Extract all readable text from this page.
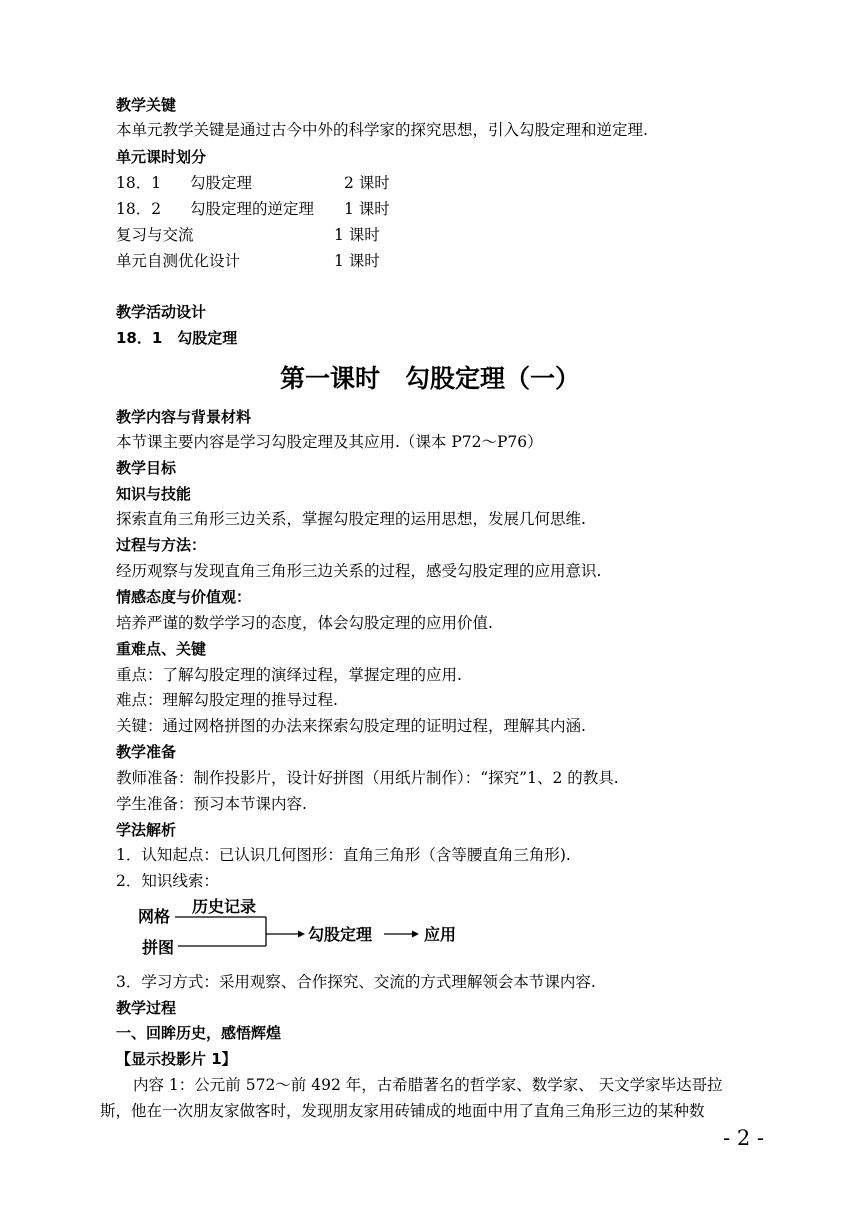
教学关键
本单元教学关键是通过古今中外的科学家的探究思想，引入勾股定理和逆定理.
单元课时划分
18．1 勾股定理	2 课时
18．2 勾股定理的逆定理 1 课时
复习与交流	1 课时
单元自测优化设计	1 课时
教学活动设计
18．1　勾股定理
第一课时　勾股定理（一）
教学内容与背景材料
本节课主要内容是学习勾股定理及其应用.（课本 P72～P76）
教学目标
知识与技能
探索直角三角形三边关系，掌握勾股定理的运用思想，发展几何思维.
过程与方法：
经历观察与发现直角三角形三边关系的过程，感受勾股定理的应用意识.
情感态度与价值观：
培养严谨的数学学习的态度，体会勾股定理的应用价值.
重难点、关键
重点：了解勾股定理的演绎过程，掌握定理的应用.
难点：理解勾股定理的推导过程.
关键：通过网格拼图的办法来探索勾股定理的证明过程，理解其内涵.
教学准备
教师准备：制作投影片，设计好拼图（用纸片制作）：“探究”1、2 的教具.
学生准备：预习本节课内容.
学法解析
1．认知起点：已认识几何图形：直角三角形（含等腰直角三角形).
2．知识线索：
网格
历史记录
拼图
勾股定理	应用
3．学习方式：采用观察、合作探究、交流的方式理解领会本节课内容.
教学过程
一、回眸历史，感悟辉煌
【显示投影片 1】
内容 1：公元前 572～前 492 年，古希腊著名的哲学家、数学家、 天文学家毕达哥拉
斯，他在一次朋友家做客时，发现朋友家用砖铺成的地面中用了直角三角形三边的某种数
- 2 -
